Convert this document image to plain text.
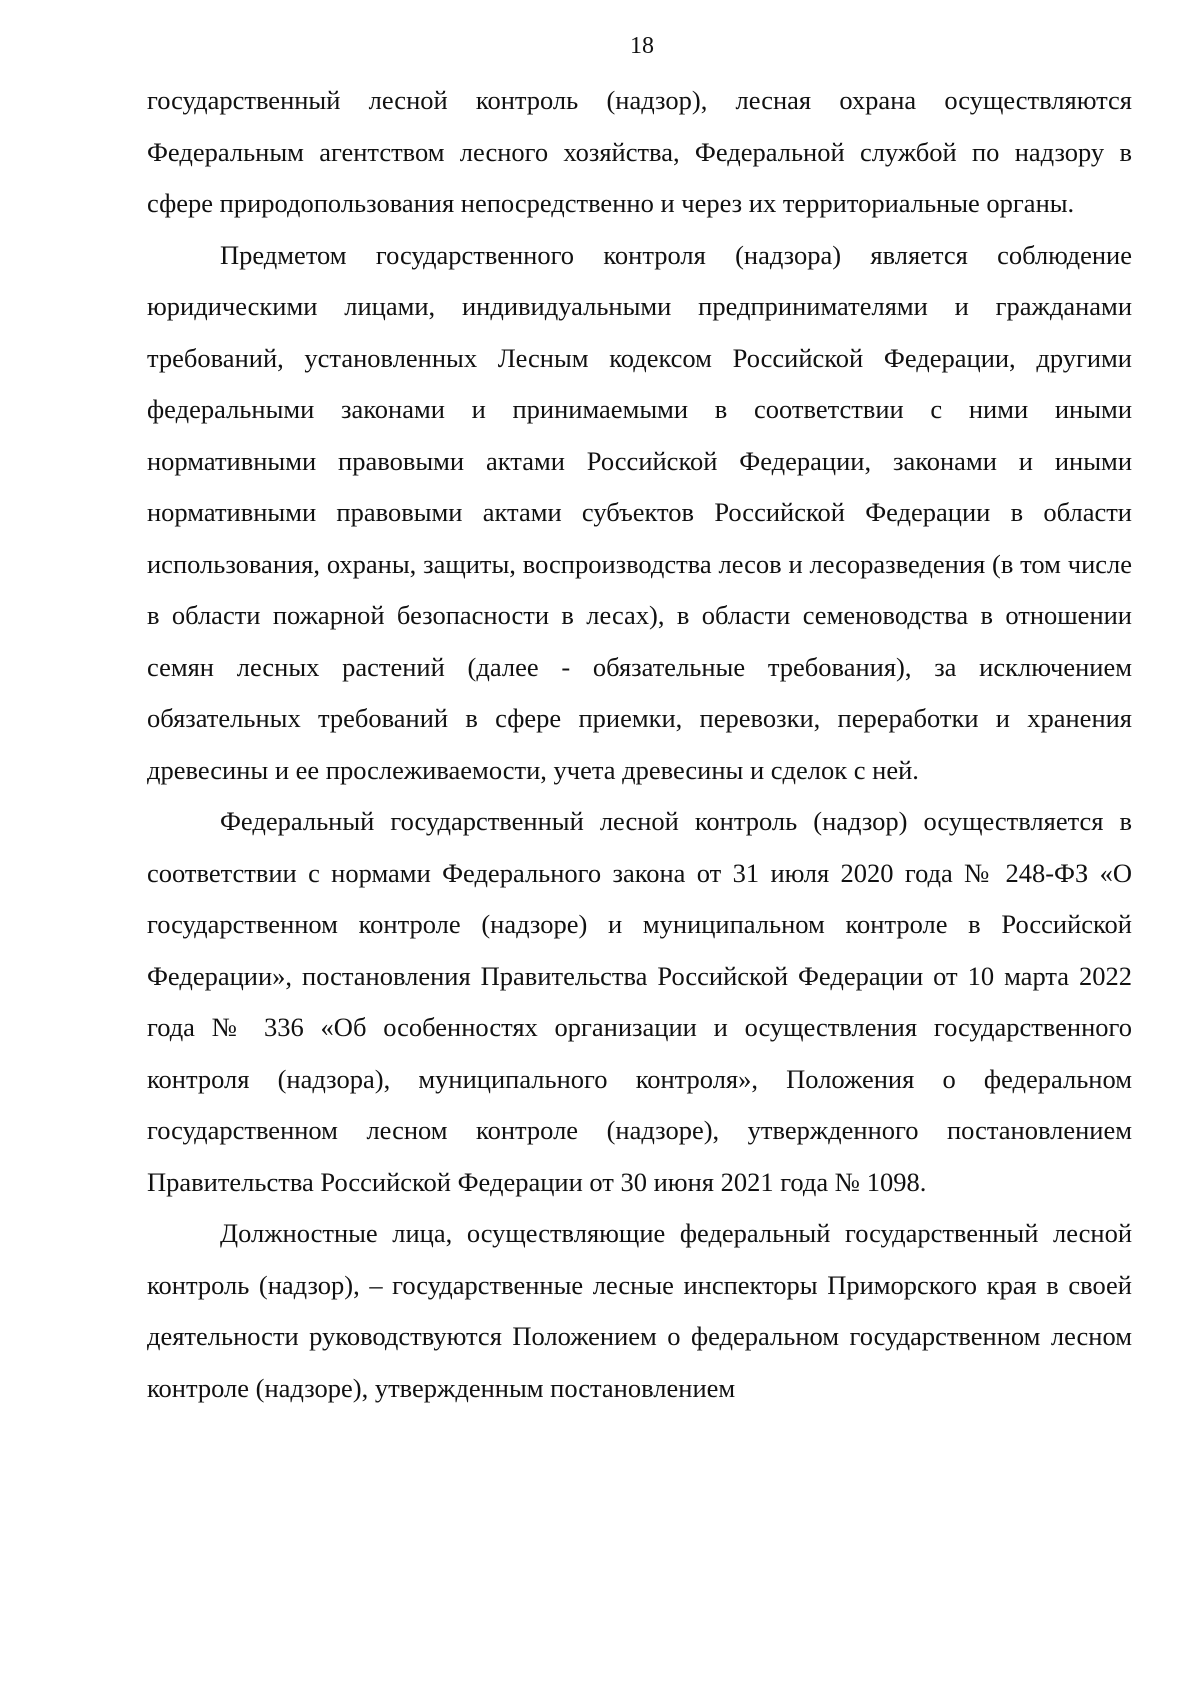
18

государственный лесной контроль (надзор), лесная охрана осуществляются Федеральным агентством лесного хозяйства, Федеральной службой по надзору в сфере природопользования непосредственно и через их территориальные органы.

Предметом государственного контроля (надзора) является соблюдение юридическими лицами, индивидуальными предпринимателями и гражданами требований, установленных Лесным кодексом Российской Федерации, другими федеральными законами и принимаемыми в соответствии с ними иными нормативными правовыми актами Российской Федерации, законами и иными нормативными правовыми актами субъектов Российской Федерации в области использования, охраны, защиты, воспроизводства лесов и лесоразведения (в том числе в области пожарной безопасности в лесах), в области семеноводства в отношении семян лесных растений (далее - обязательные требования), за исключением обязательных требований в сфере приемки, перевозки, переработки и хранения древесины и ее прослеживаемости, учета древесины и сделок с ней.

Федеральный государственный лесной контроль (надзор) осуществляется в соответствии с нормами Федерального закона от 31 июля 2020 года № 248-ФЗ «О государственном контроле (надзоре) и муниципальном контроле в Российской Федерации», постановления Правительства Российской Федерации от 10 марта 2022 года № 336 «Об особенностях организации и осуществления государственного контроля (надзора), муниципального контроля», Положения о федеральном государственном лесном контроле (надзоре), утвержденного постановлением Правительства Российской Федерации от 30 июня 2021 года № 1098.

Должностные лица, осуществляющие федеральный государственный лесной контроль (надзор), – государственные лесные инспекторы Приморского края в своей деятельности руководствуются Положением о федеральном государственном лесном контроле (надзоре), утвержденным постановлением
